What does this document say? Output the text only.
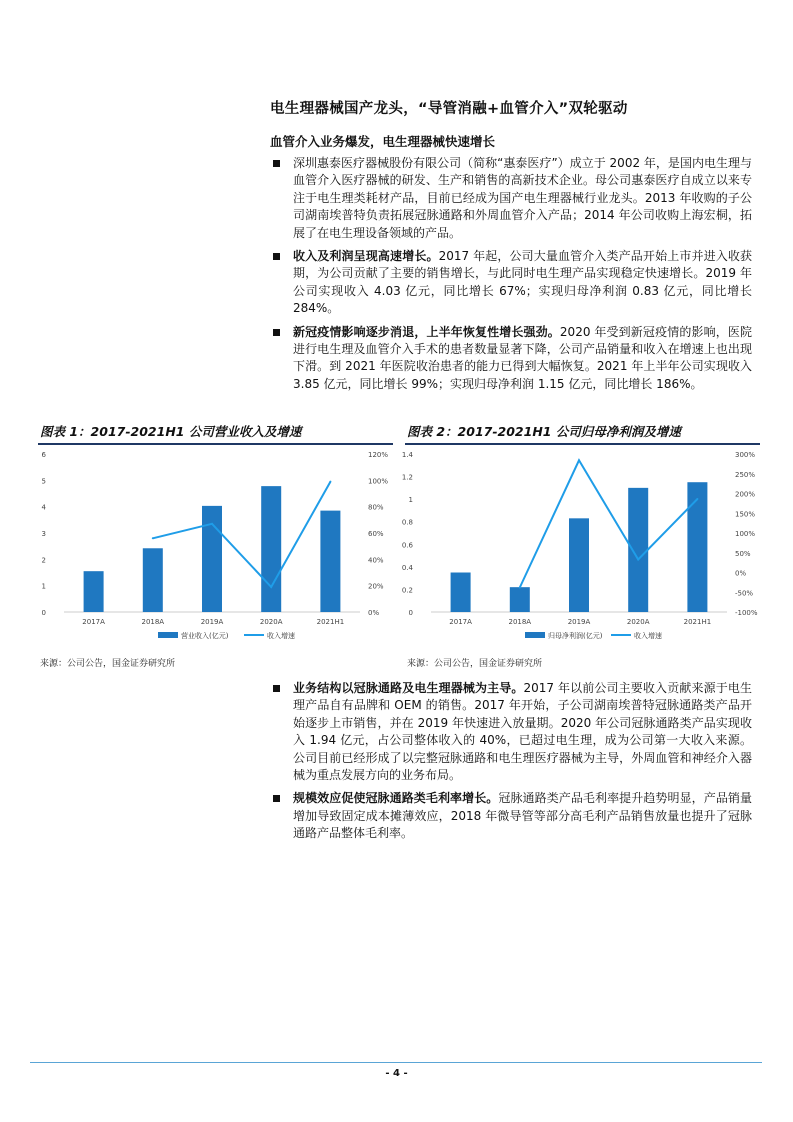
电生理器械国产龙头，“导管消融+血管介入”双轮驱动
血管介入业务爆发，电生理器械快速增长
深圳惠泰医疗器械股份有限公司（简称“惠泰医疗”）成立于 2002 年，是国内电生理与血管介入医疗器械的研发、生产和销售的高新技术企业。母公司惠泰医疗自成立以来专注于电生理类耗材产品，目前已经成为国产电生理器械行业龙头。2013 年收购的子公司湖南埃普特负责拓展冠脉通路和外周血管介入产品；2014 年公司收购上海宏桐，拓展了在电生理设备领域的产品。
收入及利润呈现高速增长。2017 年起，公司大量血管介入类产品开始上市并进入收获期，为公司贡献了主要的销售增长，与此同时电生理产品实现稳定快速增长。2019 年公司实现收入 4.03 亿元，同比增长 67%；实现归母净利润 0.83 亿元，同比增长 284%。
新冠疫情影响逐步消退，上半年恢复性增长强劲。2020 年受到新冠疫情的影响，医院进行电生理及血管介入手术的患者数量显著下降，公司产品销量和收入在增速上也出现下滑。到 2021 年医院收治患者的能力已得到大幅恢复。2021 年上半年公司实现收入 3.85 亿元，同比增长 99%；实现归母净利润 1.15 亿元，同比增长 186%。
图表 1：2017-2021H1 公司营业收入及增速
0
1
2
3
4
5
6
0%
20%
40%
60%
80%
100%
120%
2017A	2018A	2019A	2020A	2021H1
营业收入(亿元)	收入增速
来源：公司公告，国金证券研究所
图表 2：2017-2021H1 公司归母净利润及增速
0
0.2
0.4
0.6
0.8
1
1.2
1.4
-100%
-50%
0%
50%
100%
150%
200%
250%
300%
2017A	2018A	2019A	2020A	2021H1
归母净利润(亿元)	收入增速
来源：公司公告，国金证券研究所
业务结构以冠脉通路及电生理器械为主导。2017 年以前公司主要收入贡献来源于电生理产品自有品牌和 OEM 的销售。2017 年开始，子公司湖南埃普特冠脉通路类产品开始逐步上市销售，并在 2019 年快速进入放量期。2020 年公司冠脉通路类产品实现收入 1.94 亿元，占公司整体收入的 40%，已超过电生理，成为公司第一大收入来源。公司目前已经形成了以完整冠脉通路和电生理医疗器械为主导，外周血管和神经介入器械为重点发展方向的业务布局。
规模效应促使冠脉通路类毛利率增长。冠脉通路类产品毛利率提升趋势明显，产品销量增加导致固定成本摊薄效应，2018 年微导管等部分高毛利产品销售放量也提升了冠脉通路产品整体毛利率。
- 4 -
